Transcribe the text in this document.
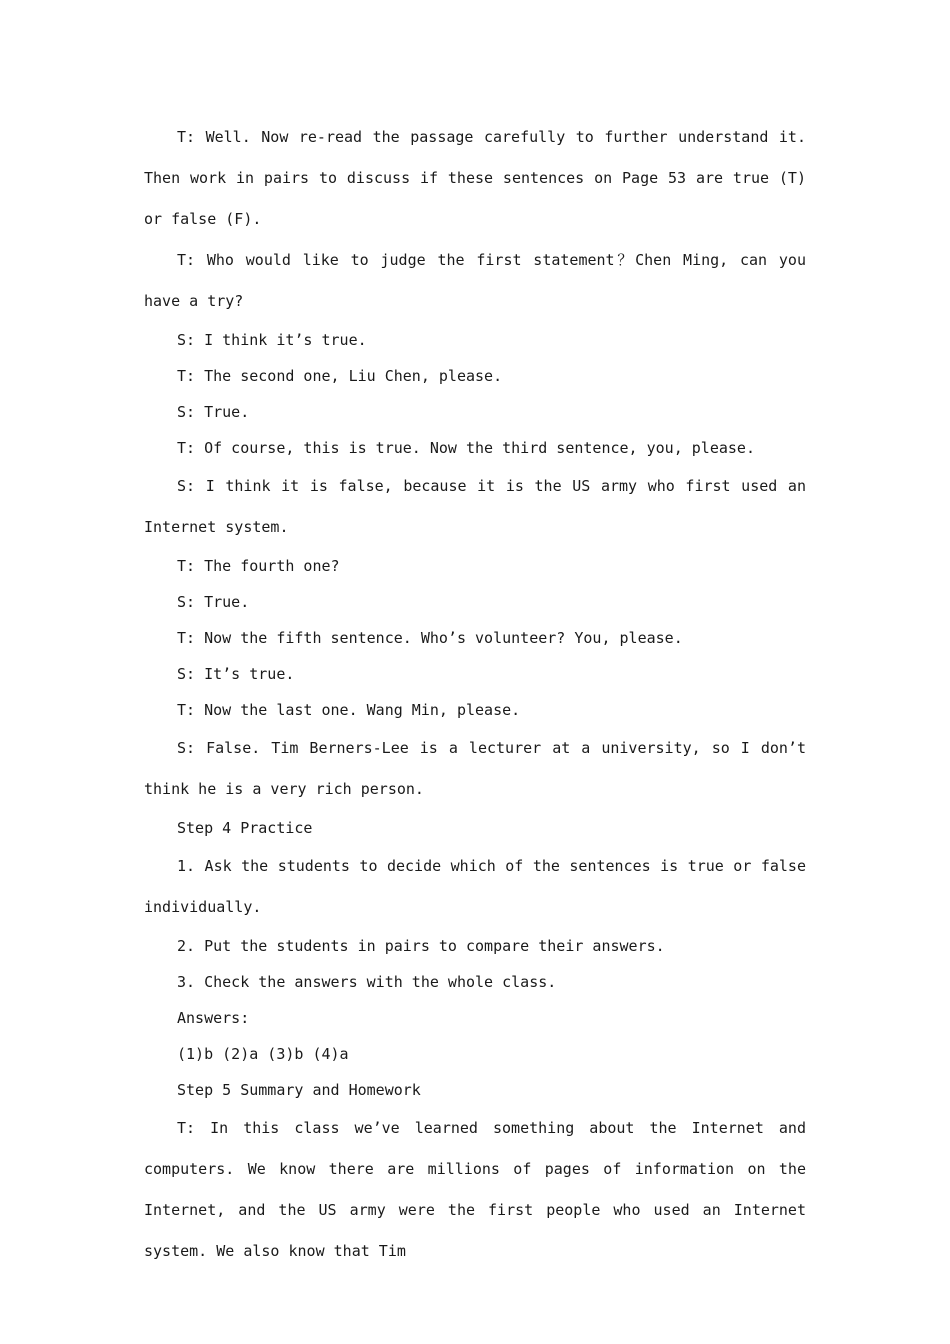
T: Well. Now re-read the passage carefully to further understand it. Then work in pairs to discuss if these sentences on Page 53 are true (T) or false (F).

T: Who would like to judge the first statement？Chen Ming, can you have a try?

S: I think it’s true.

T: The second one, Liu Chen, please.

S: True.

T: Of course, this is true. Now the third sentence, you, please.

S: I think it is false, because it is the US army who first used an Internet system.

T: The fourth one?

S: True.

T: Now the fifth sentence. Who’s volunteer? You, please.

S: It’s true.

T: Now the last one. Wang Min, please.

S: False. Tim Berners-Lee is a lecturer at a university, so I don’t think he is a very rich person.

Step 4 Practice

1. Ask the students to decide which of the sentences is true or false individually.

2. Put the students in pairs to compare their answers.

3. Check the answers with the whole class.

Answers:

(1)b (2)a (3)b (4)a

Step 5 Summary and Homework

T: In this class we’ve learned something about the Internet and computers. We know there are millions of pages of information on the Internet, and the US army were the first people who used an Internet system. We also know that Tim
